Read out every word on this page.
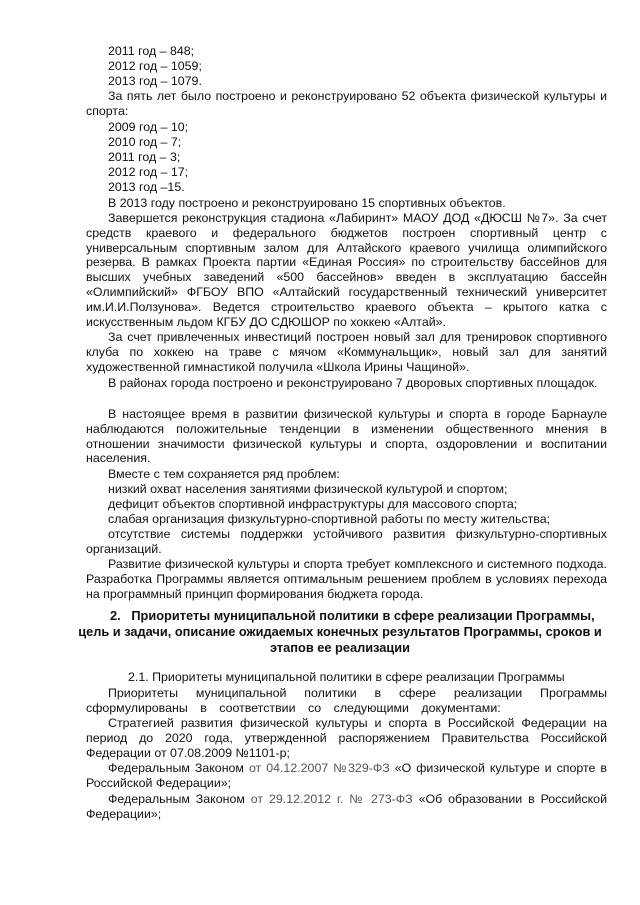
2011 год – 848;
2012 год – 1059;
2013 год – 1079.
За пять лет было построено и реконструировано 52 объекта физической культуры и спорта:
2009 год – 10;
2010 год – 7;
2011 год – 3;
2012 год – 17;
2013 год –15.
В 2013 году построено и реконструировано 15 спортивных объектов.
Завершется реконструкция стадиона «Лабиринт» МАОУ ДОД «ДЮСШ №7». За счет средств краевого и федерального бюджетов построен спортивный центр с универсальным спортивным залом для Алтайского краевого училища олимпийского резерва. В рамках Проекта партии «Единая Россия» по строительству бассейнов для высших учебных заведений «500 бассейнов» введен в эксплуатацию бассейн «Олимпийский» ФГБОУ ВПО «Алтайский государственный технический университет им.И.И.Ползунова». Ведется строительство краевого объекта – крытого катка с искусственным льдом КГБУ ДО СДЮШОР по хоккею «Алтай».
За счет привлеченных инвестиций построен новый зал для тренировок спортивного клуба по хоккею на траве с мячом «Коммунальщик», новый зал для занятий художественной гимнастикой получила «Школа Ирины Чащиной».
В районах города построено и реконструировано 7 дворовых спортивных площадок.
В настоящее время в развитии физической культуры и спорта в городе Барнауле наблюдаются положительные тенденции в изменении общественного мнения в отношении значимости физической культуры и спорта, оздоровлении и воспитании населения.
Вместе с тем сохраняется ряд проблем:
низкий охват населения занятиями физической культурой и спортом;
дефицит объектов спортивной инфраструктуры для массового спорта;
слабая организация физкультурно-спортивной работы по месту жительства;
отсутствие системы поддержки устойчивого развития физкультурно-спортивных организаций.
Развитие физической культуры и спорта требует комплексного и системного подхода. Разработка Программы является оптимальным решением проблем в условиях перехода на программный принцип формирования бюджета города.
2. Приоритеты муниципальной политики в сфере реализации Программы,
цель и задачи, описание ожидаемых конечных результатов Программы, сроков и
этапов ее реализации
2.1. Приоритеты муниципальной политики в сфере реализации Программы
Приоритеты муниципальной политики в сфере реализации Программы сформулированы в соответствии со следующими документами:
Стратегией развития физической культуры и спорта в Российской Федерации на период до 2020 года, утвержденной распоряжением Правительства Российской Федерации от 07.08.2009 №1101-р;
Федеральным Законом от 04.12.2007 №329-ФЗ «О физической культуре и спорте в Российской Федерации»;
Федеральным Законом от 29.12.2012 г. № 273-ФЗ «Об образовании в Российской Федерации»;
